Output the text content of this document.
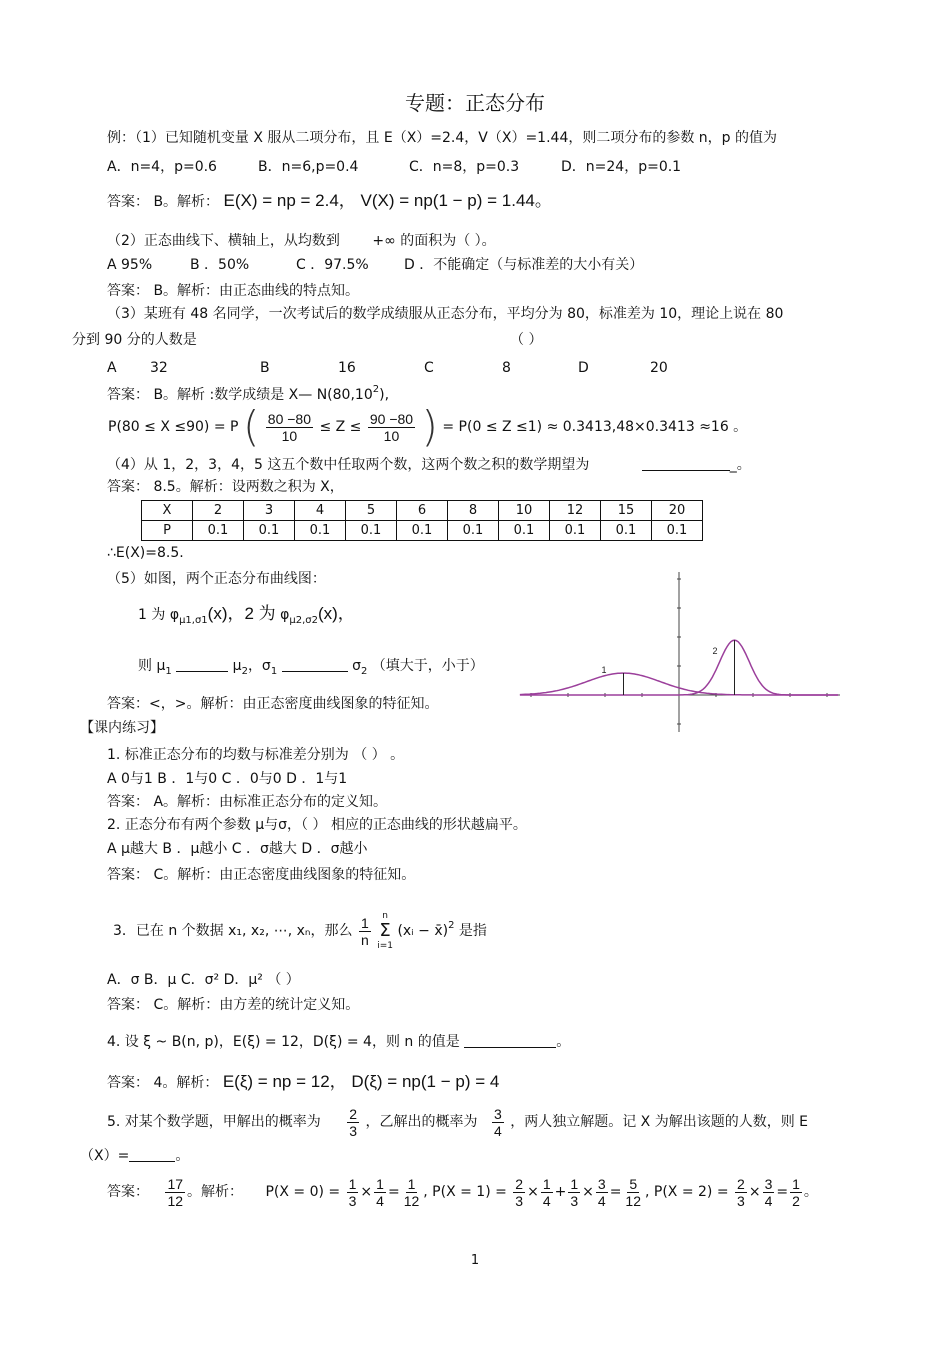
专题：正态分布
例：（1）已知随机变量 X 服从二项分布，且 E（X）=2.4，V（X）=1.44，则二项分布的参数 n，p 的值为
A．n=4，p=0.6	B．n=6,p=0.4	C．n=8，p=0.3	D．n=24，p=0.1
答案： B。解析： E(X) = np = 2.4， V(X) = np(1 − p) = 1.44。
（2）正态曲线下、横轴上，从均数到 +∞ 的面积为（ ）。
A 95%	B ．50%	C ．97.5%	D ．不能确定（与标准差的大小有关）
答案： B。解析：由正态曲线的特点知。
（3）某班有 48 名同学，一次考试后的数学成绩服从正态分布，平均分为 80，标准差为 10，理论上说在 80
分到 90 分的人数是	（ ）
A 32	B	16	C	8	D	20
答案： B。解析 :数学成绩是 X— N(80,10$^2$),
P(80 ≤ X ≤90) = P ( $\frac{80 -80}{10} \le Z \le \frac{90 -80}{10}$ ) = P(0 ≤ Z ≤1) ≈ 0.3413,48×0.3413 ≈16 。
（4）从 1，2，3，4，5 这五个数中任取两个数，这两个数之积的数学期望为	_。
答案： 8.5。解析：设两数之积为 X，
X	2	3	4	5	6	8	10	12	15	20
P	0.1	0.1	0.1	0.1	0.1	0.1	0.1	0.1	0.1	0.1
∴E(X)=8.5.
（5）如图，两个正态分布曲线图：
1 为 $\varphi_{\mu 1,\sigma 1}(x)$，2 为 $\varphi_{\mu 2,\sigma 2}(x)$，
则 $\mu_1$	$\mu_2$，$\sigma_1$	$\sigma_2$ （填大于，小于）
答案：<，>。解析：由正态密度曲线图象的特征知。
1
2
【课内练习】
1. 标准正态分布的均数与标准差分别为 （ ） 。
A 0与1 B ．1与0 C ．0与0 D ．1与1
答案： A。解析：由标准正态分布的定义知。
2. 正态分布有两个参数 μ与σ，（ ） 相应的正态曲线的形状越扁平。
A μ越大 B ．μ越小 C ．σ越大 D ．σ越小
答案： C。解析：由正态密度曲线图象的特征知。
3．已在 n 个数据 x₁, x₂, ⋯, xₙ，那么 $\frac{1}{n}$
n
Σ
i=1
(xᵢ − x̄)$^2$ 是指
A．σ B．μ C．σ² D．μ² （ ）
答案： C。解析：由方差的统计定义知。
4. 设 ξ ~ B(n, p)，E(ξ) = 12，D(ξ) = 4，则 n 的值是	。
答案： 4。解析： E(ξ) = np = 12， D(ξ) = np(1 − p) = 4
5. 对某个数学题，甲解出的概率为 $\frac{2}{3}$ ，乙解出的概率为 $\frac{3}{4}$ ，两人独立解题。记 X 为解出该题的人数，则 E
（X）=	。
答案： $\frac{17}{12}$ 。解析： $P(X = 0) = \frac{1}{3} \times \frac{1}{4} = \frac{1}{12}$ , $P(X = 1) = \frac{2}{3} \times \frac{1}{4} + \frac{1}{3} \times \frac{3}{4} = \frac{5}{12}$ , $P(X = 2) = \frac{2}{3} \times \frac{3}{4} = \frac{1}{2}$ 。
1
